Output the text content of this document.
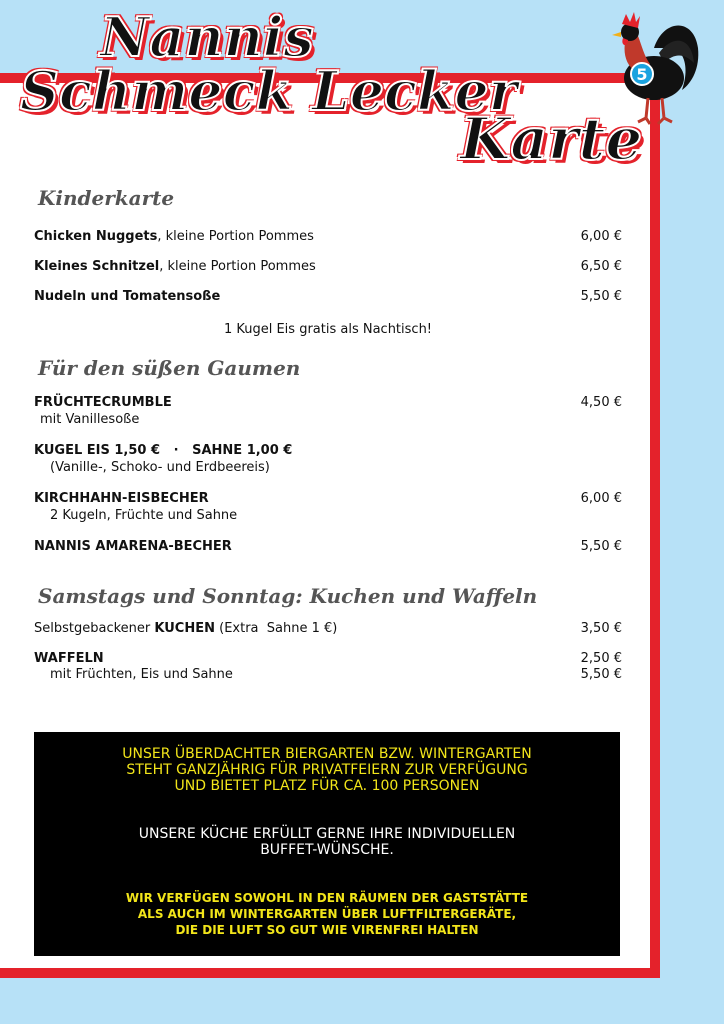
Nannis
Schmeck Lecker
Karte
5
Kinderkarte
Chicken Nuggets, kleine Portion Pommes	6,00 €
Kleines Schnitzel, kleine Portion Pommes	6,50 €
Nudeln und Tomatensoße	5,50 €
1 Kugel Eis gratis als Nachtisch!
Für den süßen Gaumen
FRÜCHTECRUMBLE	4,50 €
mit Vanillesoße
KUGEL EIS 1,50 €   ·   SAHNE 1,00 €
(Vanille-, Schoko- und Erdbeereis)
KIRCHHAHN-EISBECHER	6,00 €
2 Kugeln, Früchte und Sahne
NANNIS AMARENA-BECHER	5,50 €
Samstags und Sonntag: Kuchen und Waffeln
Selbstgebackener KUCHEN (Extra  Sahne 1 €)	3,50 €
WAFFELN	2,50 €
mit Früchten, Eis und Sahne	5,50 €
UNSER ÜBERDACHTER BIERGARTEN BZW. WINTERGARTEN
STEHT GANZJÄHRIG FÜR PRIVATFEIERN ZUR VERFÜGUNG
UND BIETET PLATZ FÜR CA. 100 PERSONEN
UNSERE KÜCHE ERFÜLLT GERNE IHRE INDIVIDUELLEN
BUFFET-WÜNSCHE.
WIR VERFÜGEN SOWOHL IN DEN RÄUMEN DER GASTSTÄTTE
ALS AUCH IM WINTERGARTEN ÜBER LUFTFILTERGERÄTE,
DIE DIE LUFT SO GUT WIE VIRENFREI HALTEN
